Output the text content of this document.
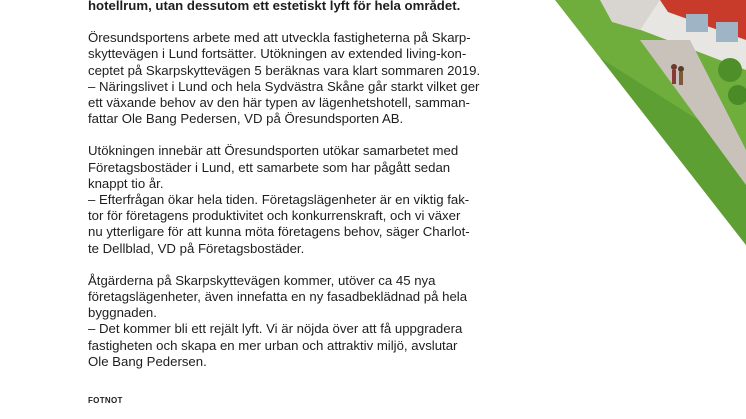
hotellrum, utan dessutom ett estetiskt lyft för hela området.

Öresundsportens arbete med att utveckla fastigheterna på Skarp-
skyttevägen i Lund fortsätter. Utökningen av extended living-kon-
ceptet på Skarpskyttevägen 5 beräknas vara klart sommaren 2019.
– Näringslivet i Lund och hela Sydvästra Skåne går starkt vilket ger
ett växande behov av den här typen av lägenhetshotell, samman-
fattar Ole Bang Pedersen, VD på Öresundsporten AB.

Utökningen innebär att Öresundsporten utökar samarbetet med
Företagsbostäder i Lund, ett samarbete som har pågått sedan
knappt tio år.
– Efterfrågan ökar hela tiden. Företagslägenheter är en viktig fak-
tor för företagens produktivitet och konkurrenskraft, och vi växer
nu ytterligare för att kunna möta företagens behov, säger Charlot-
te Dellblad, VD på Företagsbostäder.

Åtgärderna på Skarpskyttevägen kommer, utöver ca 45 nya
företagslägenheter, även innefatta en ny fasadbeklädnad på hela
byggnaden.
– Det kommer bli ett rejält lyft. Vi är nöjda över att få uppgradera
fastigheten och skapa en mer urban och attraktiv miljö, avslutar
Ole Bang Pedersen.

FOTNOT
